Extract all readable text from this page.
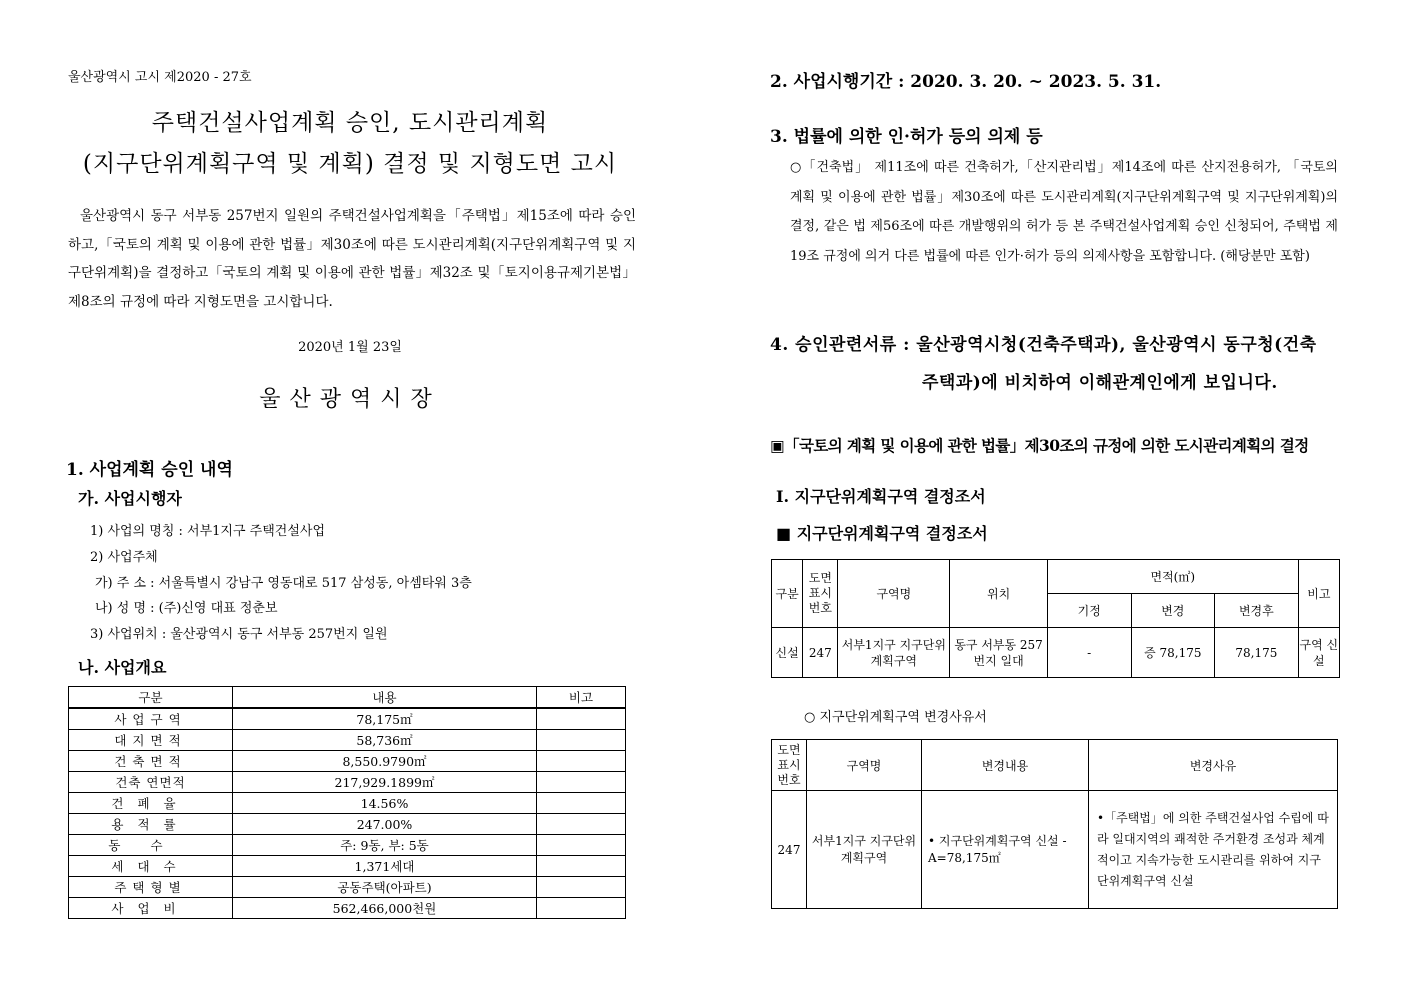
울산광역시 고시 제2020 - 27호
주택건설사업계획 승인, 도시관리계획
(지구단위계획구역 및 계획) 결정 및 지형도면 고시
울산광역시 동구 서부동 257번지 일원의 주택건설사업계획을「주택법」제15조에 따라 승인하고,「국토의 계획 및 이용에 관한 법률」제30조에 따른 도시관리계획(지구단위계획구역 및 지구단위계획)을 결정하고「국토의 계획 및 이용에 관한 법률」제32조 및「토지이용규제기본법」제8조의 규정에 따라 지형도면을 고시합니다.
2020년 1월 23일
울산광역시장
1. 사업계획 승인 내역
가. 사업시행자
1) 사업의 명칭 : 서부1지구 주택건설사업
2) 사업주체
가) 주 소 : 서울특별시 강남구 영동대로 517 삼성동, 아셈타워 3층
나) 성 명 : (주)신영 대표 정춘보
3) 사업위치 : 울산광역시 동구 서부동 257번지 일원
나. 사업개요
구분	내용	비고
사업구역	78,175㎡	
대지면적	58,736㎡	
건축면적	8,550.9790㎡	
건축 연면적	217,929.1899㎡	
건폐율	14.56%	
용적률	247.00%	
동수	주: 9동, 부: 5동	
세대수	1,371세대	
주택형별	공동주택(아파트)	
사업비	562,466,000천원	
2. 사업시행기간 : 2020. 3. 20. ~ 2023. 5. 31.
3. 법률에 의한 인·허가 등의 의제 등
○「건축법」 제11조에 따른 건축허가,「산지관리법」제14조에 따른 산지전용허가, 「국토의 계획 및 이용에 관한 법률」제30조에 따른 도시관리계획(지구단위계획구역 및 지구단위계획)의 결정, 같은 법 제56조에 따른 개발행위의 허가 등 본 주택건설사업계획 승인 신청되어, 주택법 제19조 규정에 의거 다른 법률에 따른 인가·허가 등의 의제사항을 포함합니다. (해당분만 포함)
4. 승인관련서류 : 울산광역시청(건축주택과), 울산광역시 동구청(건축
주택과)에 비치하여 이해관계인에게 보입니다.
▣「국토의 계획 및 이용에 관한 법률」제30조의 규정에 의한 도시관리계획의 결정
Ⅰ. 지구단위계획구역 결정조서
■ 지구단위계획구역 결정조서
구분	도면표시번호	구역명	위치	면적(㎡)			비고
				기정	변경	변경후	
신설	247	서부1지구 지구단위계획구역	동구 서부동 257번지 일대	-	증 78,175	78,175	구역 신설
○ 지구단위계획구역 변경사유서
도면표시번호	구역명	변경내용	변경사유
247	서부1지구 지구단위계획구역	• 지구단위계획구역 신설 - A=78,175㎡	•「주택법」에 의한 주택건설사업 수립에 따라 일대지역의 쾌적한 주거환경 조성과 체계적이고 지속가능한 도시관리를 위하여 지구단위계획구역 신설
